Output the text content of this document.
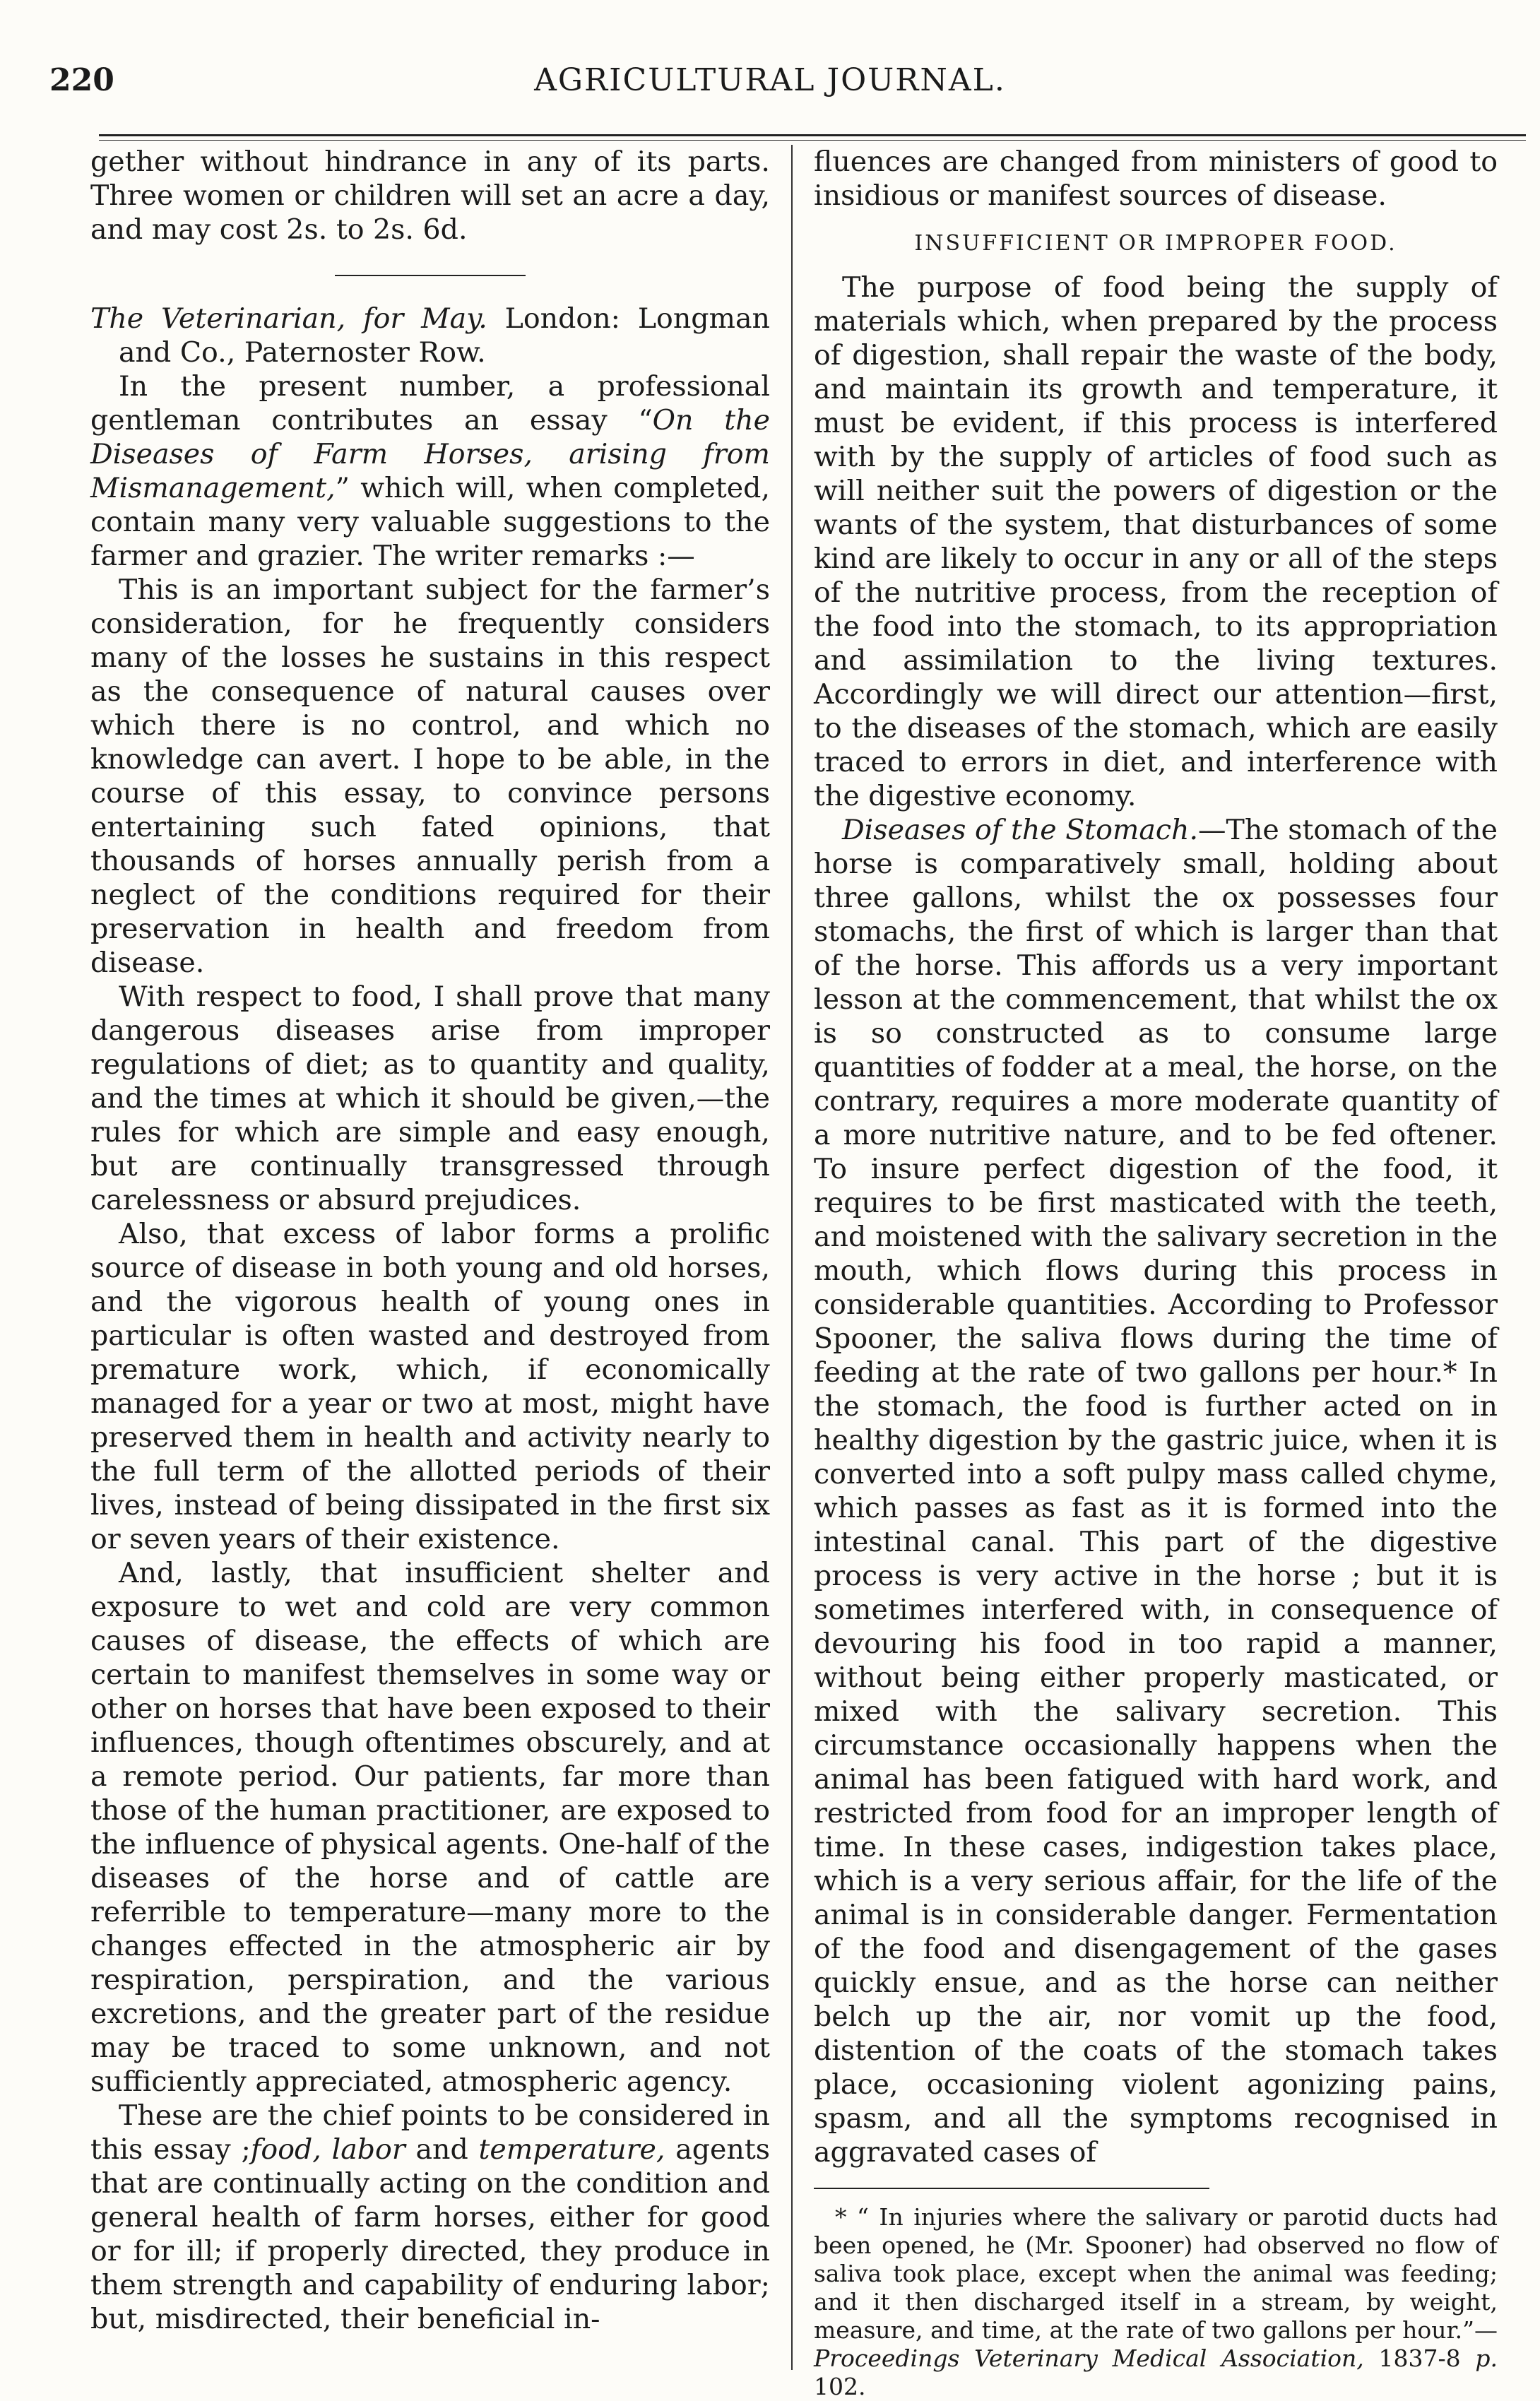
220	AGRICULTURAL JOURNAL.

gether without hindrance in any of its parts. Three women or children will set an acre a day, and may cost 2s. to 2s. 6d.

The Veterinarian, for May. London: Longman and Co., Paternoster Row.

In the present number, a professional gentleman contributes an essay “On the Diseases of Farm Horses, arising from Mismanagement,” which will, when completed, contain many very valuable suggestions to the farmer and grazier. The writer remarks :—

This is an important subject for the farmer’s consideration, for he frequently considers many of the losses he sustains in this respect as the consequence of natural causes over which there is no control, and which no knowledge can avert. I hope to be able, in the course of this essay, to convince persons entertaining such fated opinions, that thousands of horses annually perish from a neglect of the conditions required for their preservation in health and freedom from disease.

With respect to food, I shall prove that many dangerous diseases arise from improper regulations of diet; as to quantity and quality, and the times at which it should be given,—the rules for which are simple and easy enough, but are continually transgressed through carelessness or absurd prejudices.

Also, that excess of labor forms a prolific source of disease in both young and old horses, and the vigorous health of young ones in particular is often wasted and destroyed from premature work, which, if economically managed for a year or two at most, might have preserved them in health and activity nearly to the full term of the allotted periods of their lives, instead of being dissipated in the first six or seven years of their existence.

And, lastly, that insufficient shelter and exposure to wet and cold are very common causes of disease, the effects of which are certain to manifest themselves in some way or other on horses that have been exposed to their influences, though oftentimes obscurely, and at a remote period. Our patients, far more than those of the human practitioner, are exposed to the influence of physical agents. One-half of the diseases of the horse and of cattle are referrible to temperature—many more to the changes effected in the atmospheric air by respiration, perspiration, and the various excretions, and the greater part of the residue may be traced to some unknown, and not sufficiently appreciated, atmospheric agency.

These are the chief points to be considered in this essay ;food, labor and temperature, agents that are continually acting on the condition and general health of farm horses, either for good or for ill; if properly directed, they produce in them strength and capability of enduring labor; but, misdirected, their beneficial in-

fluences are changed from ministers of good to insidious or manifest sources of disease.

INSUFFICIENT OR IMPROPER FOOD.

The purpose of food being the supply of materials which, when prepared by the process of digestion, shall repair the waste of the body, and maintain its growth and temperature, it must be evident, if this process is interfered with by the supply of articles of food such as will neither suit the powers of digestion or the wants of the system, that disturbances of some kind are likely to occur in any or all of the steps of the nutritive process, from the reception of the food into the stomach, to its appropriation and assimilation to the living textures. Accordingly we will direct our attention—first, to the diseases of the stomach, which are easily traced to errors in diet, and interference with the digestive economy.

Diseases of the Stomach.—The stomach of the horse is comparatively small, holding about three gallons, whilst the ox possesses four stomachs, the first of which is larger than that of the horse. This affords us a very important lesson at the commencement, that whilst the ox is so constructed as to consume large quantities of fodder at a meal, the horse, on the contrary, requires a more moderate quantity of a more nutritive nature, and to be fed oftener. To insure perfect digestion of the food, it requires to be first masticated with the teeth, and moistened with the salivary secretion in the mouth, which flows during this process in considerable quantities. According to Professor Spooner, the saliva flows during the time of feeding at the rate of two gallons per hour.* In the stomach, the food is further acted on in healthy digestion by the gastric juice, when it is converted into a soft pulpy mass called chyme, which passes as fast as it is formed into the intestinal canal. This part of the digestive process is very active in the horse ; but it is sometimes interfered with, in consequence of devouring his food in too rapid a manner, without being either properly masticated, or mixed with the salivary secretion. This circumstance occasionally happens when the animal has been fatigued with hard work, and restricted from food for an improper length of time. In these cases, indigestion takes place, which is a very serious affair, for the life of the animal is in considerable danger. Fermentation of the food and disengagement of the gases quickly ensue, and as the horse can neither belch up the air, nor vomit up the food, distention of the coats of the stomach takes place, occasioning violent agonizing pains, spasm, and all the symptoms recognised in aggravated cases of

* “ In injuries where the salivary or parotid ducts had been opened, he (Mr. Spooner) had observed no flow of saliva took place, except when the animal was feeding; and it then discharged itself in a stream, by weight, measure, and time, at the rate of two gallons per hour.”—Proceedings Veterinary Medical Association, 1837-8 p. 102.
